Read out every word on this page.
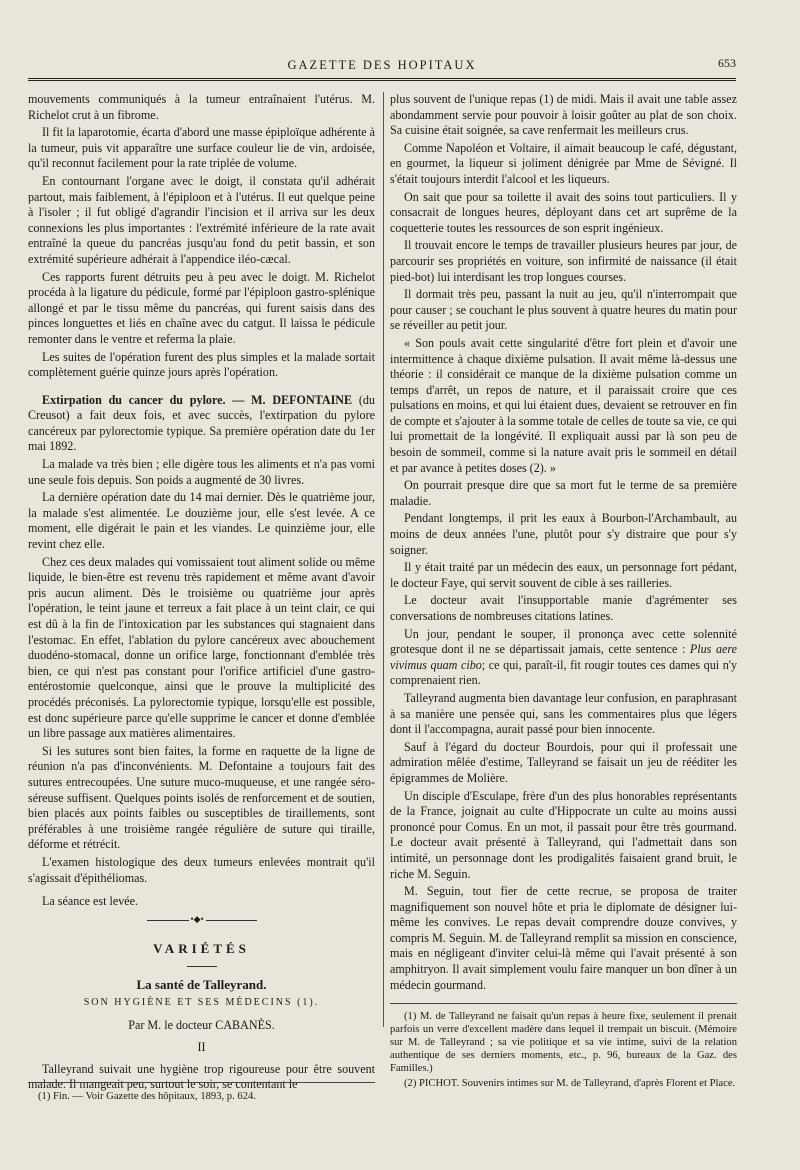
GAZETTE DES HOPITAUX	653

mouvements communiqués à la tumeur entraînaient l'utérus. M. Richelot crut à un fibrome.

Il fit la laparotomie, écarta d'abord une masse épiploïque adhérente à la tumeur, puis vit apparaître une surface couleur lie de vin, ardoisée, qu'il reconnut facilement pour la rate triplée de volume.

En contournant l'organe avec le doigt, il constata qu'il adhérait partout, mais faiblement, à l'épiploon et à l'utérus. Il eut quelque peine à l'isoler ; il fut obligé d'agrandir l'incision et il arriva sur les deux connexions les plus importantes : l'extrémité inférieure de la rate avait entraîné la queue du pancréas jusqu'au fond du petit bassin, et son extrémité supérieure adhérait à l'appendice iléo-cæcal.

Ces rapports furent détruits peu à peu avec le doigt. M. Richelot procéda à la ligature du pédicule, formé par l'épiploon gastro-splénique allongé et par le tissu même du pancréas, qui furent saisis dans des pinces longuettes et liés en chaîne avec du catgut. Il laissa le pédicule remonter dans le ventre et referma la plaie.

Les suites de l'opération furent des plus simples et la malade sortait complètement guérie quinze jours après l'opération.

Extirpation du cancer du pylore. — M. DEFONTAINE (du Creusot) a fait deux fois, et avec succès, l'extirpation du pylore cancéreux par pylorectomie typique. Sa première opération date du 1er mai 1892.

La malade va très bien ; elle digère tous les aliments et n'a pas vomi une seule fois depuis. Son poids a augmenté de 30 livres.

La dernière opération date du 14 mai dernier. Dès le quatrième jour, la malade s'est alimentée. Le douzième jour, elle s'est levée. A ce moment, elle digérait le pain et les viandes. Le quinzième jour, elle revint chez elle.

Chez ces deux malades qui vomissaient tout aliment solide ou même liquide, le bien-être est revenu très rapidement et même avant d'avoir pris aucun aliment. Dès le troisième ou quatrième jour après l'opération, le teint jaune et terreux a fait place à un teint clair, ce qui est dû à la fin de l'intoxication par les substances qui stagnaient dans l'estomac. En effet, l'ablation du pylore cancéreux avec abouchement duodéno-stomacal, donne un orifice large, fonctionnant d'emblée très bien, ce qui n'est pas constant pour l'orifice artificiel d'une gastro-entérostomie quelconque, ainsi que le prouve la multiplicité des procédés préconisés. La pylorectomie typique, lorsqu'elle est possible, est donc supérieure parce qu'elle supprime le cancer et donne d'emblée un libre passage aux matières alimentaires.

Si les sutures sont bien faites, la forme en raquette de la ligne de réunion n'a pas d'inconvénients. M. Defontaine a toujours fait des sutures entrecoupées. Une suture muco-muqueuse, et une rangée séro-séreuse suffisent. Quelques points isolés de renforcement et de soutien, bien placés aux points faibles ou susceptibles de tiraillements, sont préférables à une troisième rangée régulière de suture qui tiraille, déforme et rétrécit.

L'examen histologique des deux tumeurs enlevées montrait qu'il s'agissait d'épithéliomas.

La séance est levée.

•◆•
VARIÉTÉS
La santé de Talleyrand.
SON HYGIÈNE ET SES MÉDECINS (1).
Par M. le docteur CABANÈS.
II

Talleyrand suivait une hygiène trop rigoureuse pour être souvent malade. Il mangeait peu, surtout le soir, se contentant le

(1) Fin. — Voir Gazette des hôpitaux, 1893, p. 624.

plus souvent de l'unique repas (1) de midi. Mais il avait une table assez abondamment servie pour pouvoir à loisir goûter au plat de son choix. Sa cuisine était soignée, sa cave renfermait les meilleurs crus.

Comme Napoléon et Voltaire, il aimait beaucoup le café, dégustant, en gourmet, la liqueur si joliment dénigrée par Mme de Sévigné. Il s'était toujours interdit l'alcool et les liqueurs.

On sait que pour sa toilette il avait des soins tout particuliers. Il y consacrait de longues heures, déployant dans cet art suprême de la coquetterie toutes les ressources de son esprit ingénieux.

Il trouvait encore le temps de travailler plusieurs heures par jour, de parcourir ses propriétés en voiture, son infirmité de naissance (il était pied-bot) lui interdisant les trop longues courses.

Il dormait très peu, passant la nuit au jeu, qu'il n'interrompait que pour causer ; se couchant le plus souvent à quatre heures du matin pour se réveiller au petit jour.

« Son pouls avait cette singularité d'être fort plein et d'avoir une intermittence à chaque dixième pulsation. Il avait même là-dessus une théorie : il considérait ce manque de la dixième pulsation comme un temps d'arrêt, un repos de nature, et il paraissait croire que ces pulsations en moins, et qui lui étaient dues, devaient se retrouver en fin de compte et s'ajouter à la somme totale de celles de toute sa vie, ce qui lui promettait de la longévité. Il expliquait aussi par là son peu de besoin de sommeil, comme si la nature avait pris le sommeil en détail et par avance à petites doses (2). »

On pourrait presque dire que sa mort fut le terme de sa première maladie.

Pendant longtemps, il prit les eaux à Bourbon-l'Archambault, au moins de deux années l'une, plutôt pour s'y distraire que pour s'y soigner.

Il y était traité par un médecin des eaux, un personnage fort pédant, le docteur Faye, qui servit souvent de cible à ses railleries.

Le docteur avait l'insupportable manie d'agrémenter ses conversations de nombreuses citations latines.

Un jour, pendant le souper, il prononça avec cette solennité grotesque dont il ne se départissait jamais, cette sentence : Plus aere vivimus quam cibo; ce qui, paraît-il, fit rougir toutes ces dames qui n'y comprenaient rien.

Talleyrand augmenta bien davantage leur confusion, en paraphrasant à sa manière une pensée qui, sans les commentaires plus que légers dont il l'accompagna, aurait passé pour bien innocente.

Sauf à l'égard du docteur Bourdois, pour qui il professait une admiration mêlée d'estime, Talleyrand se faisait un jeu de rééditer les épigrammes de Molière.

Un disciple d'Esculape, frère d'un des plus honorables représentants de la France, joignait au culte d'Hippocrate un culte au moins aussi prononcé pour Comus. En un mot, il passait pour être très gourmand. Le docteur avait présenté à Talleyrand, qui l'admettait dans son intimité, un personnage dont les prodigalités faisaient grand bruit, le riche M. Seguin.

M. Seguin, tout fier de cette recrue, se proposa de traiter magnifiquement son nouvel hôte et pria le diplomate de désigner lui-même les convives. Le repas devait comprendre douze convives, y compris M. Seguin. M. de Talleyrand remplit sa mission en conscience, mais en négligeant d'inviter celui-là même qui l'avait présenté à son amphitryon. Il avait simplement voulu faire manquer un bon dîner à un médecin gourmand.

(1) M. de Talleyrand ne faisait qu'un repas à heure fixe, seulement il prenait parfois un verre d'excellent madère dans lequel il trempait un biscuit. (Mémoire sur M. de Talleyrand ; sa vie politique et sa vie intime, suivi de la relation authentique de ses derniers moments, etc., p. 96, bureaux de la Gaz. des Familles.)

(2) PICHOT. Souvenirs intimes sur M. de Talleyrand, d'après Florent et Place.
